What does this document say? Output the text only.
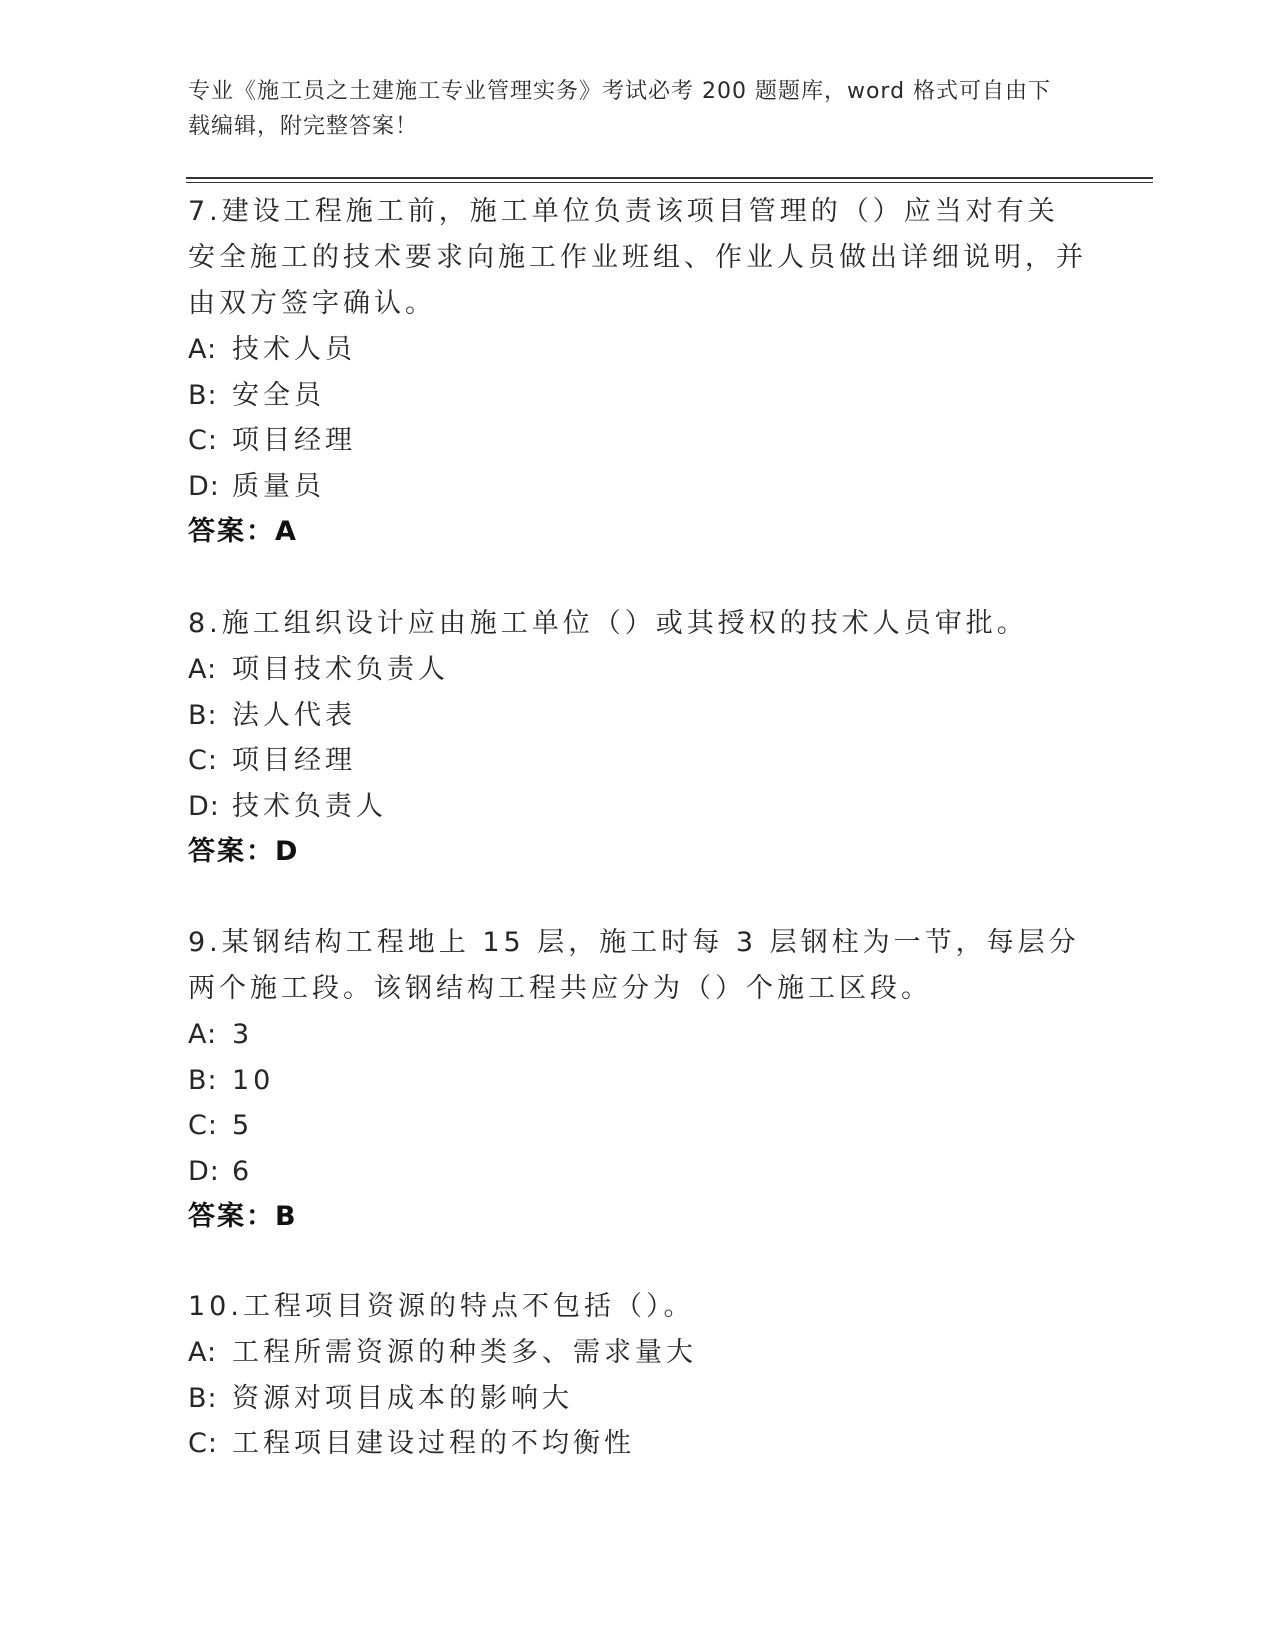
专业《施工员之土建施工专业管理实务》考试必考 200 题题库，word 格式可自由下载编辑，附完整答案！
7.建设工程施工前，施工单位负责该项目管理的（）应当对有关安全施工的技术要求向施工作业班组、作业人员做出详细说明，并由双方签字确认。
A: 技术人员
B: 安全员
C: 项目经理
D: 质量员
答案：A
8.施工组织设计应由施工单位（）或其授权的技术人员审批。
A: 项目技术负责人
B: 法人代表
C: 项目经理
D: 技术负责人
答案：D
9.某钢结构工程地上 15 层，施工时每 3 层钢柱为一节，每层分两个施工段。该钢结构工程共应分为（）个施工区段。
A: 3
B: 10
C: 5
D: 6
答案：B
10.工程项目资源的特点不包括（）。
A: 工程所需资源的种类多、需求量大
B: 资源对项目成本的影响大
C: 工程项目建设过程的不均衡性
